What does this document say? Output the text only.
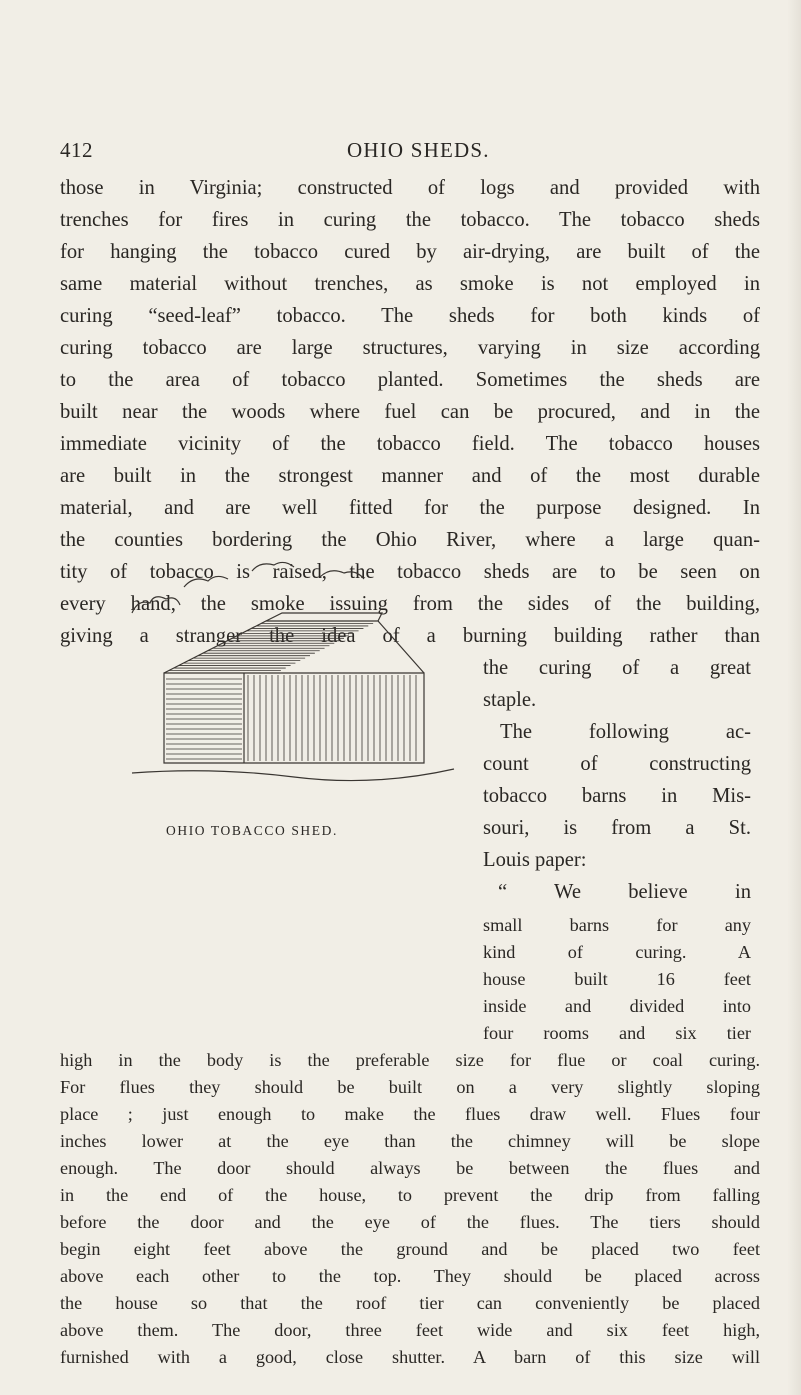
412	OHIO SHEDS.

those in Virginia; constructed of logs and provided with

trenches for fires in curing the tobacco. The tobacco sheds

for hanging the tobacco cured by air-drying, are built of the

same material without trenches, as smoke is not employed in

curing “seed-leaf” tobacco. The sheds for both kinds of

curing tobacco are large structures, varying in size according

to the area of tobacco planted. Sometimes the sheds are

built near the woods where fuel can be procured, and in the

immediate vicinity of the tobacco field. The tobacco houses

are built in the strongest manner and of the most durable

material, and are well fitted for the purpose designed. In

the counties bordering the Ohio River, where a large quan-

tity of tobacco is raised, the tobacco sheds are to be seen on

every hand, the smoke issuing from the sides of the building,

giving a stranger the idea of a burning building rather than

OHIO TOBACCO SHED.

the curing of a great

staple.

The following ac-

count of constructing

tobacco barns in Mis-

souri, is from a St.

Louis paper:

“ We believe in

small barns for any

kind of curing. A

house built 16 feet

inside and divided into

four rooms and six tier

high in the body is the preferable size for flue or coal curing.

For flues they should be built on a very slightly sloping

place ; just enough to make the flues draw well. Flues four

inches lower at the eye than the chimney will be slope

enough. The door should always be between the flues and

in the end of the house, to prevent the drip from falling

before the door and the eye of the flues. The tiers should

begin eight feet above the ground and be placed two feet

above each other to the top. They should be placed across

the house so that the roof tier can conveniently be placed

above them. The door, three feet wide and six feet high,

furnished with a good, close shutter. A barn of this size will
